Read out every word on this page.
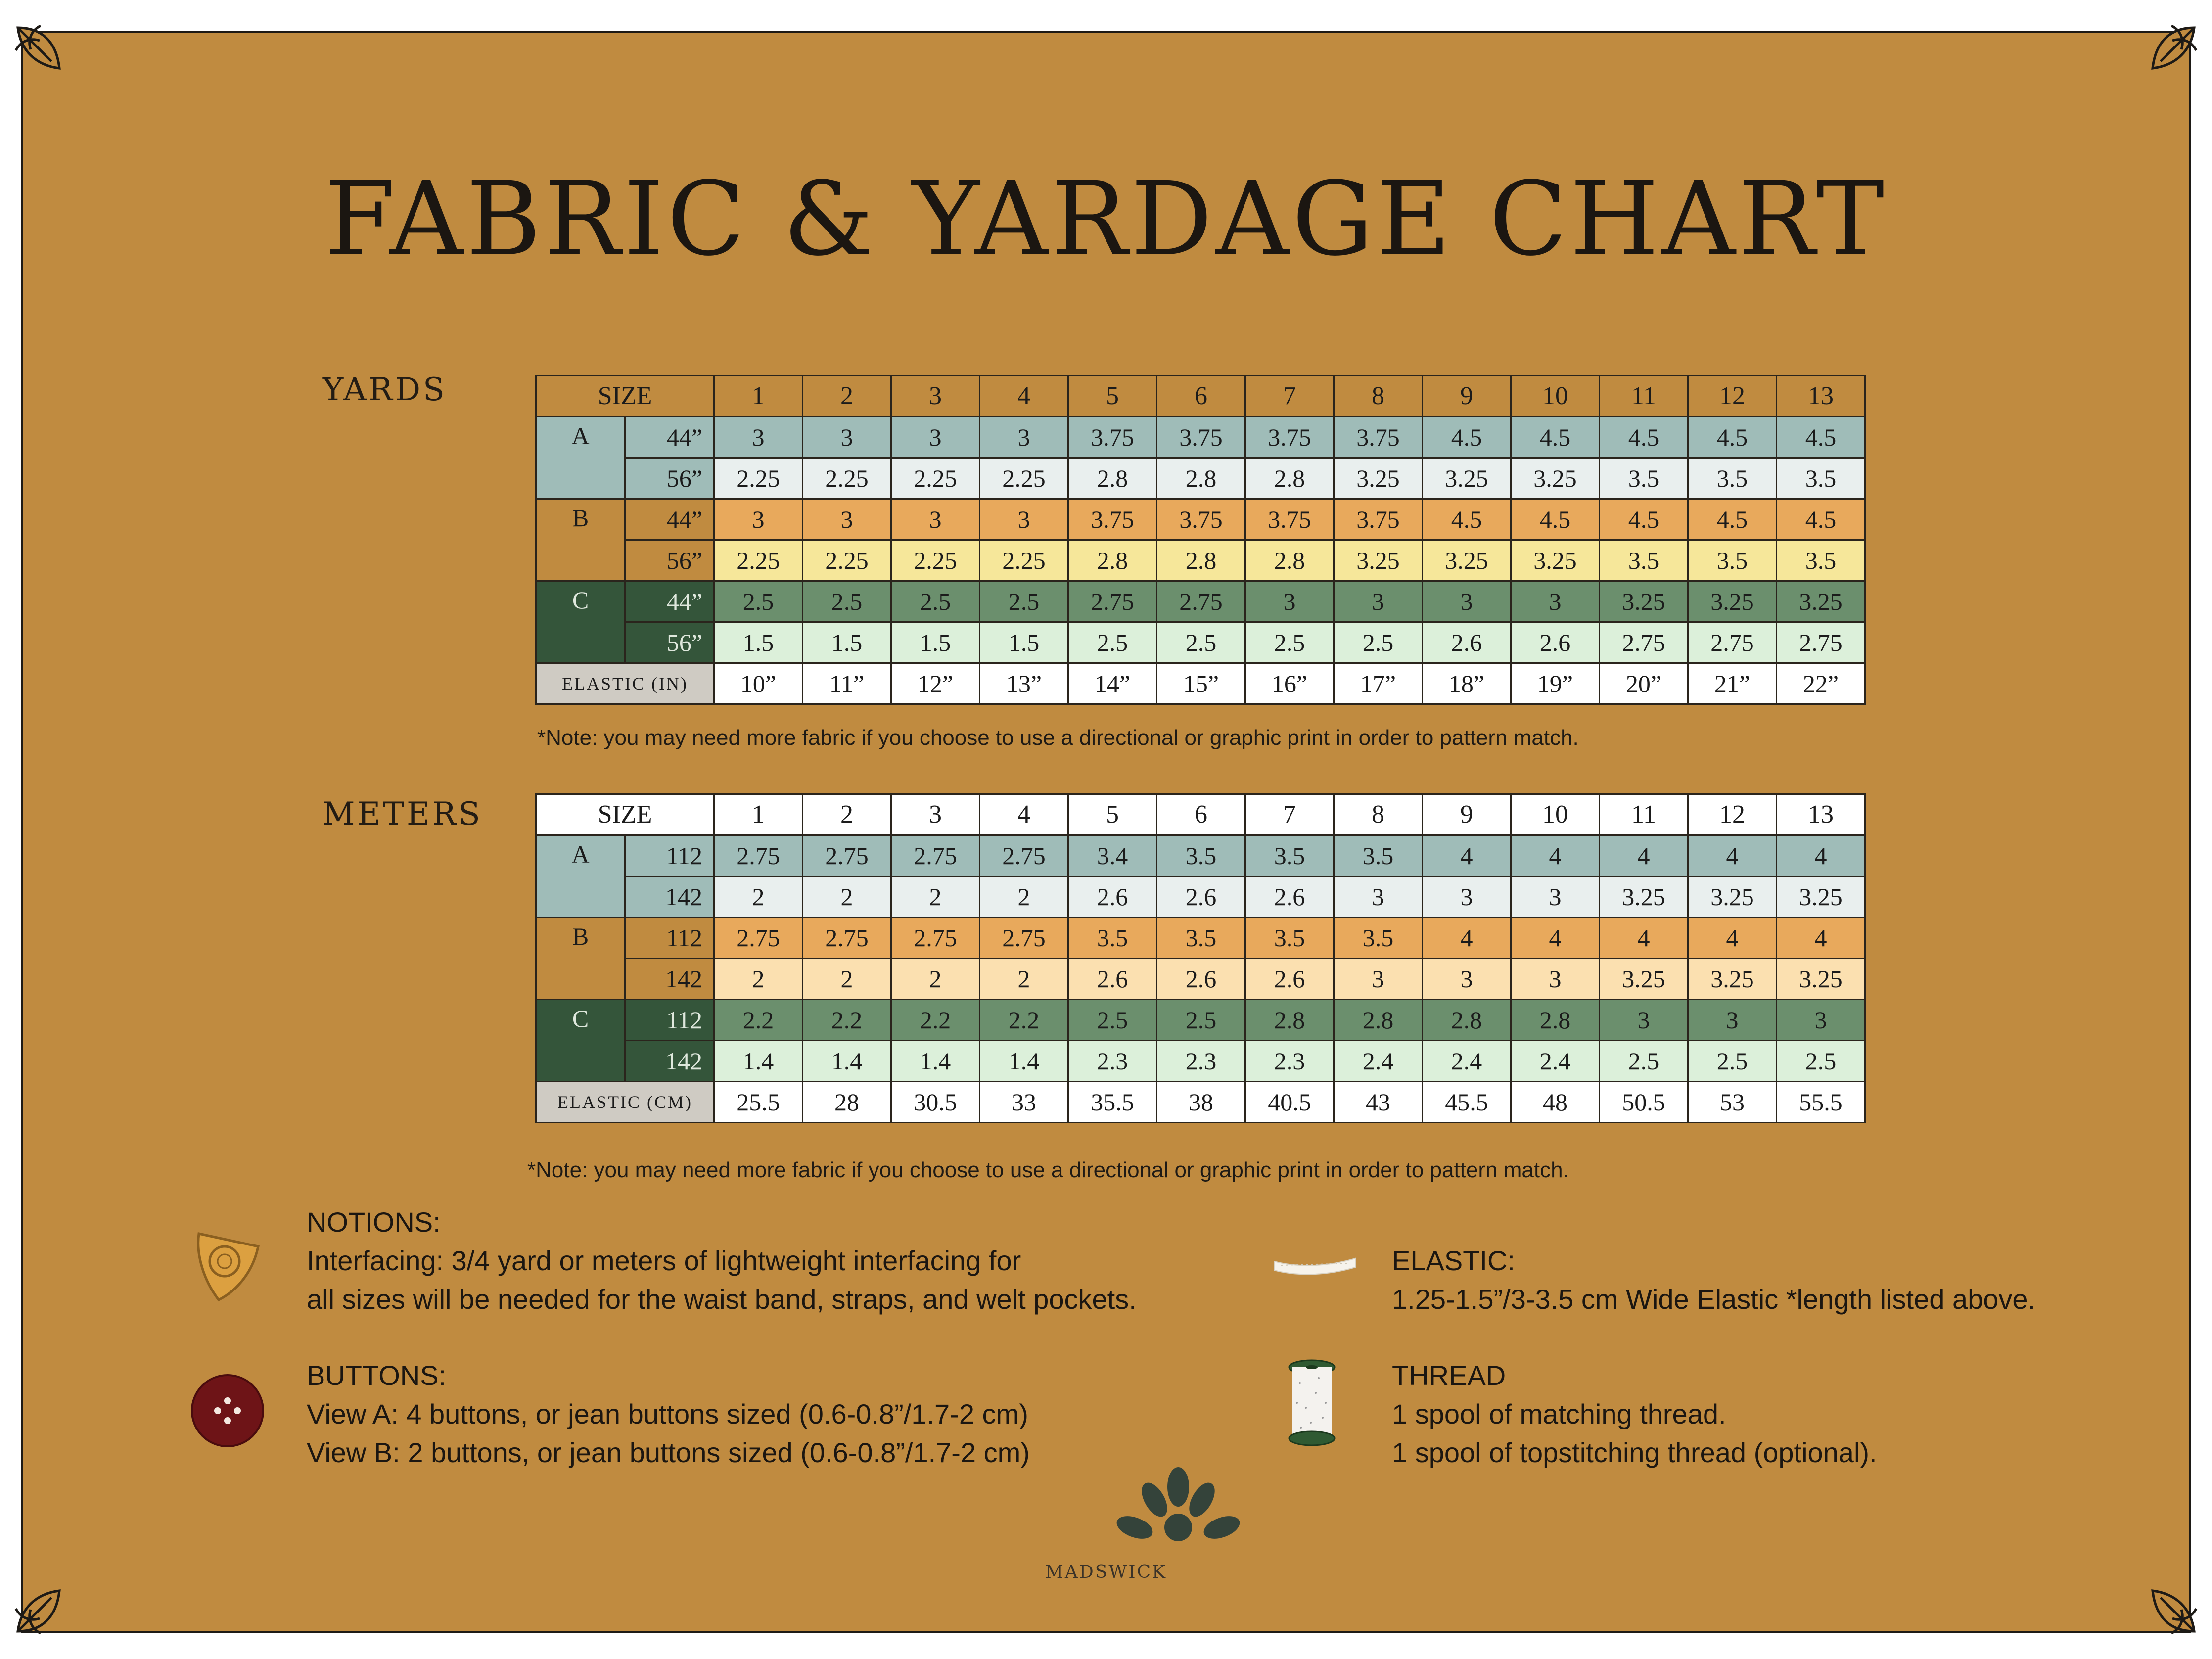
FABRIC & YARDAGE CHART
YARDS	SIZE		1	2	3	4	5	6	7	8	9	10	11	12	13
A	44”	3	3	3	3	3.75	3.75	3.75	3.75	4.5	4.5	4.5	4.5	4.5
	56”	2.25	2.25	2.25	2.25	2.8	2.8	2.8	3.25	3.25	3.25	3.5	3.5	3.5
B	44”	3	3	3	3	3.75	3.75	3.75	3.75	4.5	4.5	4.5	4.5	4.5
	56”	2.25	2.25	2.25	2.25	2.8	2.8	2.8	3.25	3.25	3.25	3.5	3.5	3.5
C	44”	2.5	2.5	2.5	2.5	2.75	2.75	3	3	3	3	3.25	3.25	3.25
	56”	1.5	1.5	1.5	1.5	2.5	2.5	2.5	2.5	2.6	2.6	2.75	2.75	2.75
ELASTIC (IN)		10”	11”	12”	13”	14”	15”	16”	17”	18”	19”	20”	21”	22”
*Note: you may need more fabric if you choose to use a directional or graphic print in order to pattern match.
METERS	SIZE		1	2	3	4	5	6	7	8	9	10	11	12	13
A	112	2.75	2.75	2.75	2.75	3.4	3.5	3.5	3.5	4	4	4	4	4
	142	2	2	2	2	2.6	2.6	2.6	3	3	3	3.25	3.25	3.25
B	112	2.75	2.75	2.75	2.75	3.5	3.5	3.5	3.5	4	4	4	4	4
	142	2	2	2	2	2.6	2.6	2.6	3	3	3	3.25	3.25	3.25
C	112	2.2	2.2	2.2	2.2	2.5	2.5	2.8	2.8	2.8	2.8	3	3	3
	142	1.4	1.4	1.4	1.4	2.3	2.3	2.3	2.4	2.4	2.4	2.5	2.5	2.5
ELASTIC (CM)		25.5	28	30.5	33	35.5	38	40.5	43	45.5	48	50.5	53	55.5
*Note: you may need more fabric if you choose to use a directional or graphic print in order to pattern match.
NOTIONS:
Interfacing: 3/4 yard or meters of lightweight interfacing for
all sizes will be needed for the waist band, straps, and welt pockets.
BUTTONS:
View A: 4 buttons, or jean buttons sized (0.6-0.8”/1.7-2 cm)
View B: 2 buttons, or jean buttons sized (0.6-0.8”/1.7-2 cm)
ELASTIC:
1.25-1.5”/3-3.5 cm Wide Elastic *length listed above.
THREAD
1 spool of matching thread.
1 spool of topstitching thread (optional).
MADSWICK
